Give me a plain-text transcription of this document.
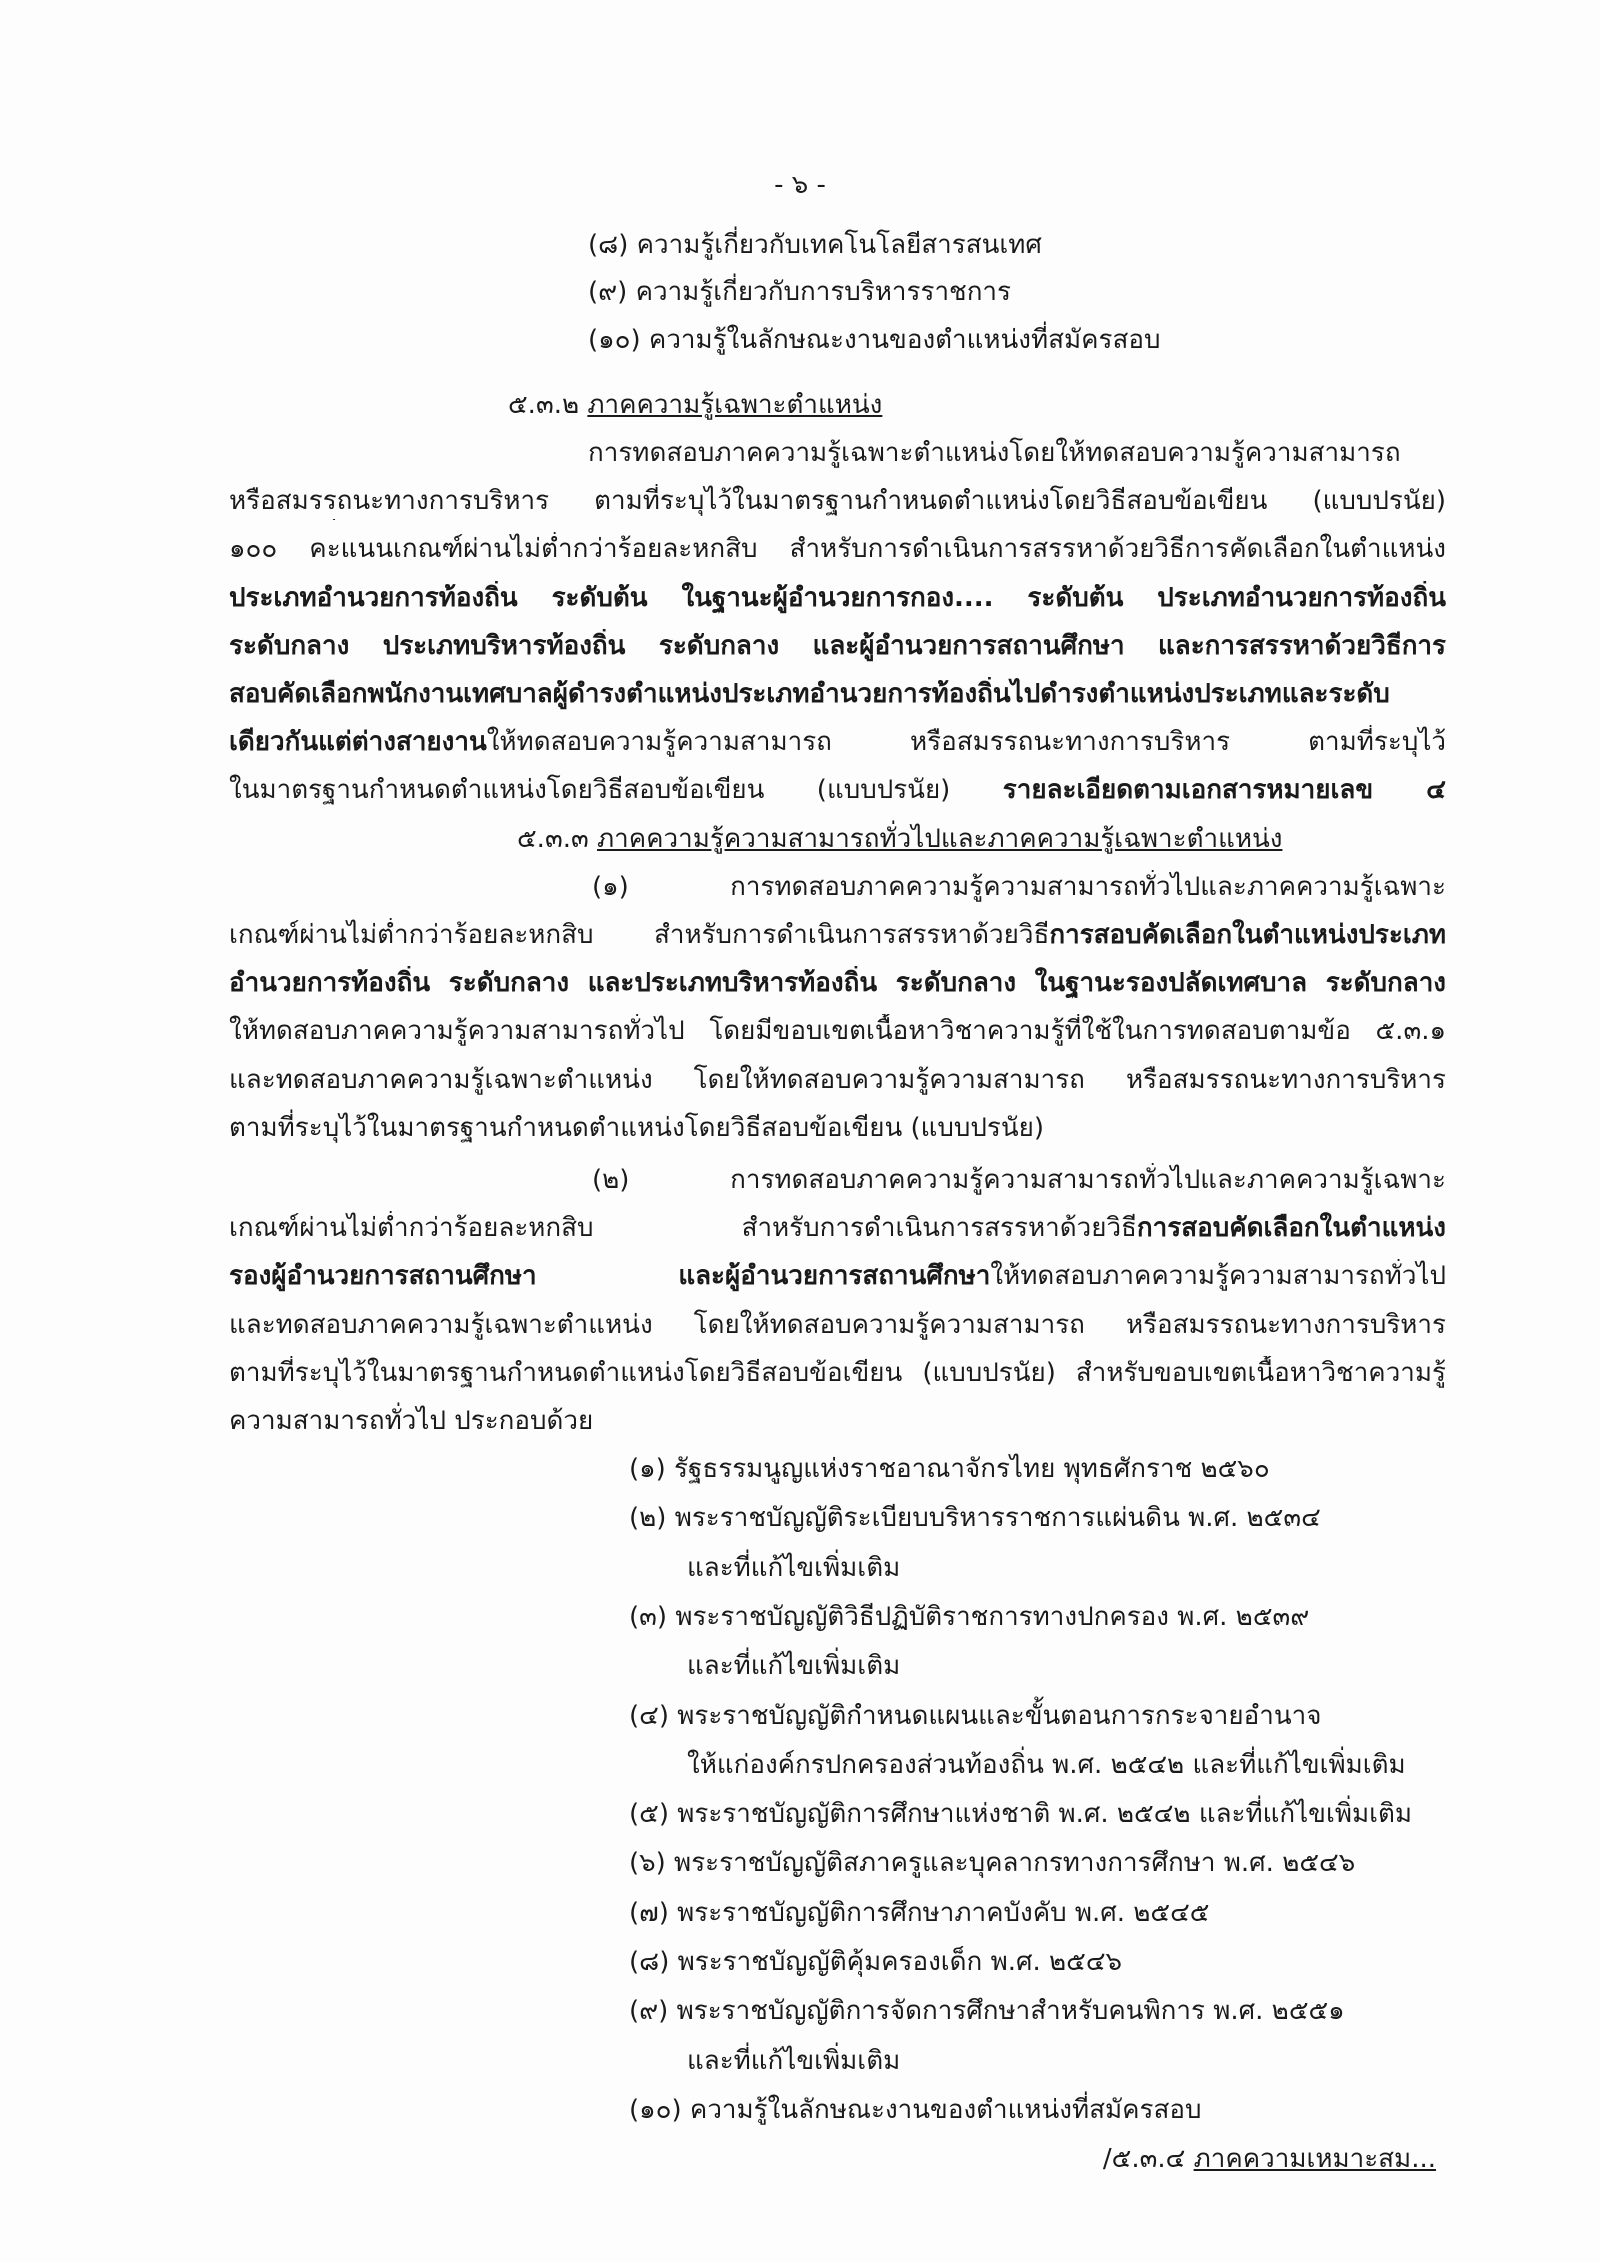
- ๖ -
(๘) ความรู้เกี่ยวกับเทคโนโลยีสารสนเทศ
(๙) ความรู้เกี่ยวกับการบริหารราชการ
(๑๐) ความรู้ในลักษณะงานของตำแหน่งที่สมัครสอบ
๕.๓.๒ ภาคความรู้เฉพาะตำแหน่ง
การทดสอบภาคความรู้เฉพาะตำแหน่งโดยให้ทดสอบความรู้ความสามารถ
หรือสมรรถนะทางการบริหาร ตามที่ระบุไว้ในมาตรฐานกำหนดตำแหน่งโดยวิธีสอบข้อเขียน (แบบปรนัย)
๑๐๐ คะแนนเกณฑ์ผ่านไม่ต่ำกว่าร้อยละหกสิบ สำหรับการดำเนินการสรรหาด้วยวิธีการคัดเลือกในตำแหน่ง
ประเภทอำนวยการท้องถิ่น ระดับต้น ในฐานะผู้อำนวยการกอง.... ระดับต้น ประเภทอำนวยการท้องถิ่น
ระดับกลาง ประเภทบริหารท้องถิ่น ระดับกลาง และผู้อำนวยการสถานศึกษา และการสรรหาด้วยวิธีการ
สอบคัดเลือกพนักงานเทศบาลผู้ดำรงตำแหน่งประเภทอำนวยการท้องถิ่นไปดำรงตำแหน่งประเภทและระดับ
เดียวกันแต่ต่างสายงานให้ทดสอบความรู้ความสามารถ หรือสมรรถนะทางการบริหาร ตามที่ระบุไว้
ในมาตรฐานกำหนดตำแหน่งโดยวิธีสอบข้อเขียน (แบบปรนัย) รายละเอียดตามเอกสารหมายเลข ๔
๕.๓.๓ ภาคความรู้ความสามารถทั่วไปและภาคความรู้เฉพาะตำแหน่ง
(๑) การทดสอบภาคความรู้ความสามารถทั่วไปและภาคความรู้เฉพาะ
เกณฑ์ผ่านไม่ต่ำกว่าร้อยละหกสิบ สำหรับการดำเนินการสรรหาด้วยวิธีการสอบคัดเลือกในตำแหน่งประเภท
อำนวยการท้องถิ่น ระดับกลาง และประเภทบริหารท้องถิ่น ระดับกลาง ในฐานะรองปลัดเทศบาล ระดับกลาง
ให้ทดสอบภาคความรู้ความสามารถทั่วไป โดยมีขอบเขตเนื้อหาวิชาความรู้ที่ใช้ในการทดสอบตามข้อ ๕.๓.๑
และทดสอบภาคความรู้เฉพาะตำแหน่ง โดยให้ทดสอบความรู้ความสามารถ หรือสมรรถนะทางการบริหาร
ตามที่ระบุไว้ในมาตรฐานกำหนดตำแหน่งโดยวิธีสอบข้อเขียน (แบบปรนัย)
(๒) การทดสอบภาคความรู้ความสามารถทั่วไปและภาคความรู้เฉพาะ
เกณฑ์ผ่านไม่ต่ำกว่าร้อยละหกสิบ สำหรับการดำเนินการสรรหาด้วยวิธีการสอบคัดเลือกในตำแหน่ง
รองผู้อำนวยการสถานศึกษา และผู้อำนวยการสถานศึกษาให้ทดสอบภาคความรู้ความสามารถทั่วไป
และทดสอบภาคความรู้เฉพาะตำแหน่ง โดยให้ทดสอบความรู้ความสามารถ หรือสมรรถนะทางการบริหาร
ตามที่ระบุไว้ในมาตรฐานกำหนดตำแหน่งโดยวิธีสอบข้อเขียน (แบบปรนัย) สำหรับขอบเขตเนื้อหาวิชาความรู้
ความสามารถทั่วไป ประกอบด้วย
(๑) รัฐธรรมนูญแห่งราชอาณาจักรไทย พุทธศักราช ๒๕๖๐
(๒) พระราชบัญญัติระเบียบบริหารราชการแผ่นดิน พ.ศ. ๒๕๓๔
และที่แก้ไขเพิ่มเติม
(๓) พระราชบัญญัติวิธีปฏิบัติราชการทางปกครอง พ.ศ. ๒๕๓๙
และที่แก้ไขเพิ่มเติม
(๔) พระราชบัญญัติกำหนดแผนและขั้นตอนการกระจายอำนาจ
ให้แก่องค์กรปกครองส่วนท้องถิ่น พ.ศ. ๒๕๔๒ และที่แก้ไขเพิ่มเติม
(๕) พระราชบัญญัติการศึกษาแห่งชาติ พ.ศ. ๒๕๔๒ และที่แก้ไขเพิ่มเติม
(๖) พระราชบัญญัติสภาครูและบุคลากรทางการศึกษา พ.ศ. ๒๕๔๖
(๗) พระราชบัญญัติการศึกษาภาคบังคับ พ.ศ. ๒๕๔๕
(๘) พระราชบัญญัติคุ้มครองเด็ก พ.ศ. ๒๕๔๖
(๙) พระราชบัญญัติการจัดการศึกษาสำหรับคนพิการ พ.ศ. ๒๕๕๑
และที่แก้ไขเพิ่มเติม
(๑๐) ความรู้ในลักษณะงานของตำแหน่งที่สมัครสอบ
/๕.๓.๔ ภาคความเหมาะสม...
